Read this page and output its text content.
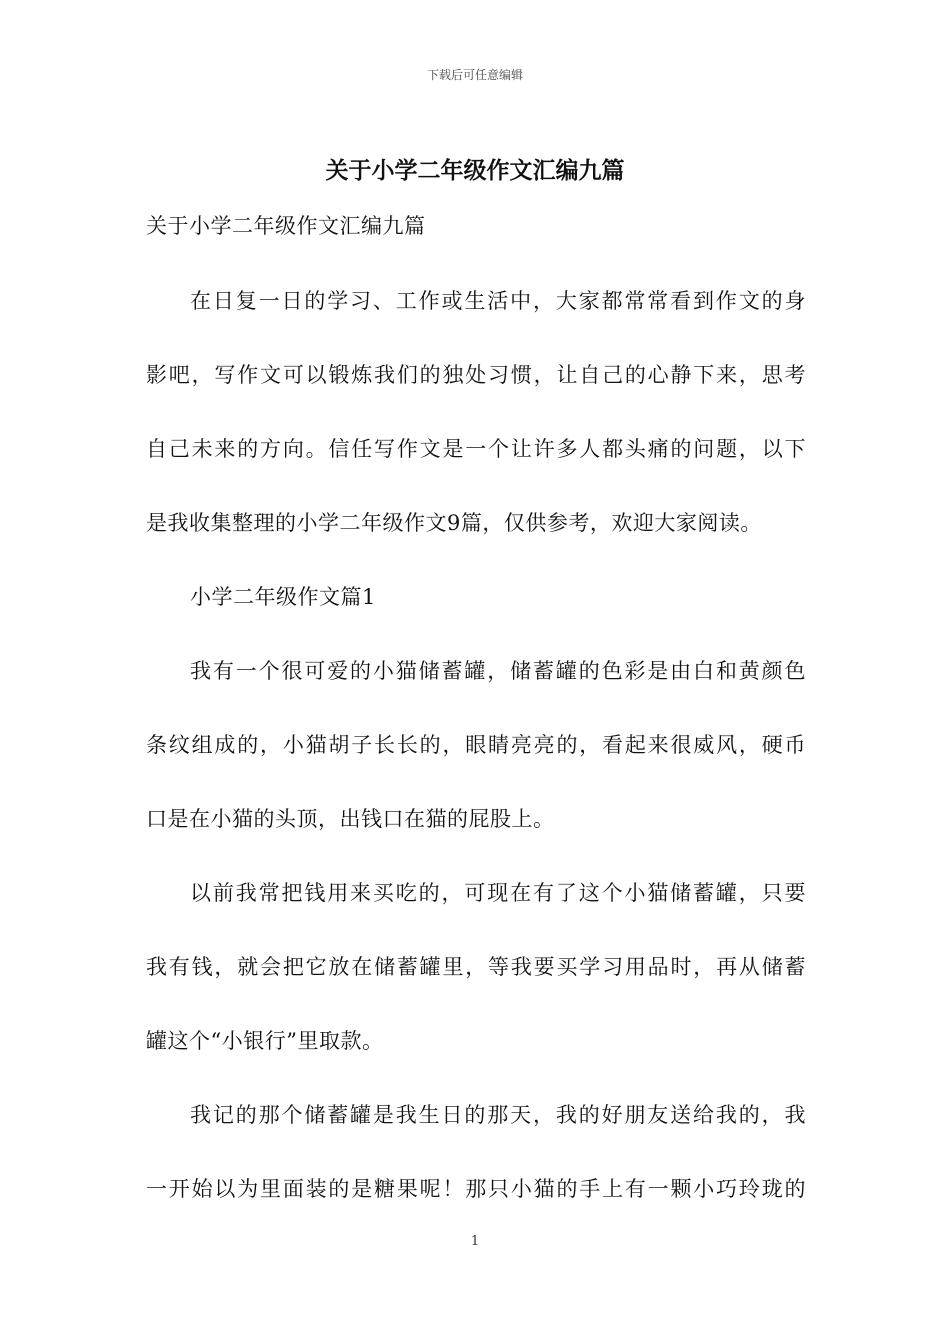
下载后可任意编辑
关于小学二年级作文汇编九篇
关于小学二年级作文汇编九篇
在日复一日的学习、工作或生活中，大家都常常看到作文的身
影吧，写作文可以锻炼我们的独处习惯，让自己的心静下来，思考
自己未来的方向。信任写作文是一个让许多人都头痛的问题，以下
是我收集整理的小学二年级作文9篇，仅供参考，欢迎大家阅读。
小学二年级作文篇1
我有一个很可爱的小猫储蓄罐，储蓄罐的色彩是由白和黄颜色
条纹组成的，小猫胡子长长的，眼睛亮亮的，看起来很威风，硬币
口是在小猫的头顶，出钱口在猫的屁股上。
以前我常把钱用来买吃的，可现在有了这个小猫储蓄罐，只要
我有钱，就会把它放在储蓄罐里，等我要买学习用品时，再从储蓄
罐这个“小银行”里取款。
我记的那个储蓄罐是我生日的那天，我的好朋友送给我的，我
一开始以为里面装的是糖果呢！那只小猫的手上有一颗小巧玲珑的
1
